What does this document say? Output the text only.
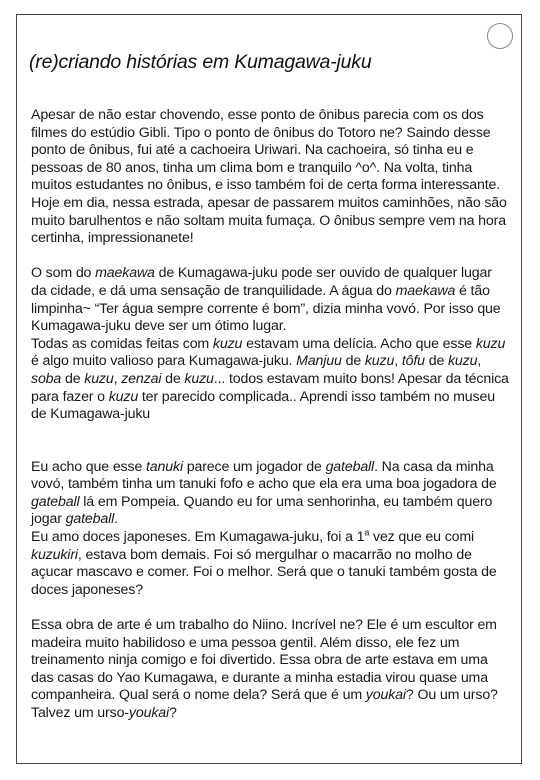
(re)criando histórias em Kumagawa-juku

Apesar de não estar chovendo, esse ponto de ônibus parecia com os dos filmes do estúdio Gibli. Tipo o ponto de ônibus do Totoro ne? Saindo desse ponto de ônibus, fui até a cachoeira Uriwari. Na cachoeira, só tinha eu e pessoas de 80 anos, tinha um clima bom e tranquilo ^o^. Na volta, tinha muitos estudantes no ônibus, e isso também foi de certa forma interessante. Hoje em dia, nessa estrada, apesar de passarem muitos caminhões, não são muito barulhentos e não soltam muita fumaça. O ônibus sempre vem na hora certinha, impressionanete!

O som do maekawa de Kumagawa-juku pode ser ouvido de qualquer lugar da cidade, e dá uma sensação de tranquilidade. A água do maekawa é tão limpinha~ “Ter água sempre corrente é bom”, dizia minha vovó. Por isso que Kumagawa-juku deve ser um ótimo lugar.

Todas as comidas feitas com kuzu estavam uma delícia. Acho que esse kuzu é algo muito valioso para Kumagawa-juku. Manjuu de kuzu, tôfu de kuzu, soba de kuzu, zenzai de kuzu... todos estavam muito bons! Apesar da técnica para fazer o kuzu ter parecido complicada.. Aprendi isso também no museu de Kumagawa-juku

Eu acho que esse tanuki parece um jogador de gateball. Na casa da minha vovó, também tinha um tanuki fofo e acho que ela era uma boa jogadora de gateball lá em Pompeia. Quando eu for uma senhorinha, eu também quero jogar gateball.

Eu amo doces japoneses. Em Kumagawa-juku, foi a 1$^a$ vez que eu comi kuzukiri, estava bom demais. Foi só mergulhar o macarrão no molho de açucar mascavo e comer. Foi o melhor. Será que o tanuki também gosta de doces japoneses?

Essa obra de arte é um trabalho do Niino. Incrível ne? Ele é um escultor em madeira muito habilidoso e uma pessoa gentil. Além disso, ele fez um treinamento ninja comigo e foi divertido. Essa obra de arte estava em uma das casas do Yao Kumagawa, e durante a minha estadia virou quase uma companheira. Qual será o nome dela? Será que é um youkai? Ou um urso? Talvez um urso-youkai?
